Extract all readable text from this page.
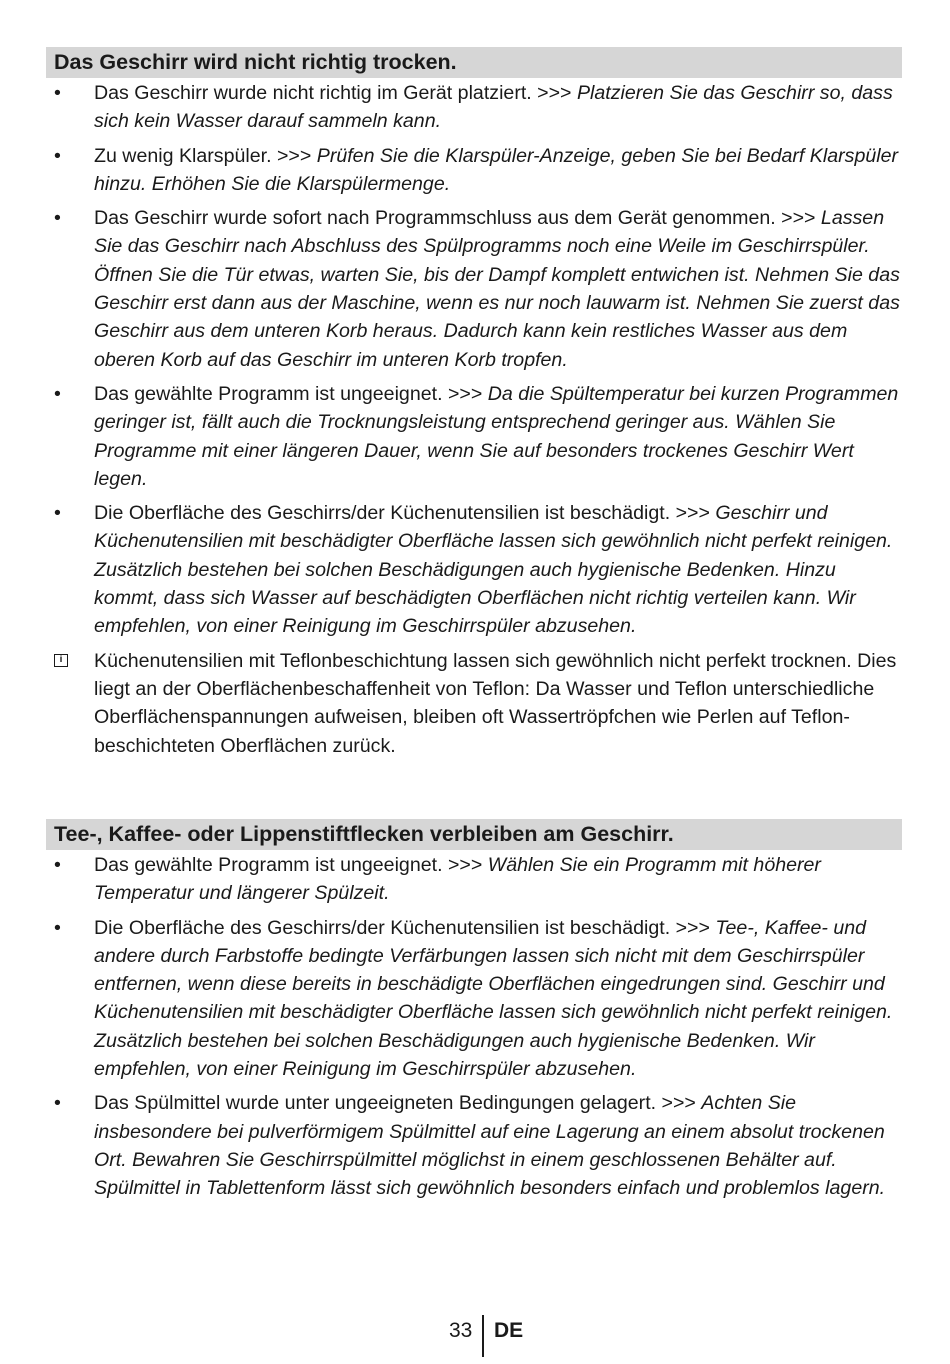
Das Geschirr wird nicht richtig trocken.
•	Das Geschirr wurde nicht richtig im Gerät platziert. >>> Platzieren Sie das Geschirr so, dass sich kein Wasser darauf sammeln kann.
•	Zu wenig Klarspüler. >>> Prüfen Sie die Klarspüler-Anzeige, geben Sie bei Bedarf Klarspüler hinzu. Erhöhen Sie die Klarspülermenge.
•	Das Geschirr wurde sofort nach Programmschluss aus dem Gerät genommen. >>> Lassen Sie das Geschirr nach Abschluss des Spülprogramms noch eine Weile im Geschirrspüler. Öffnen Sie die Tür etwas, warten Sie, bis der Dampf komplett entwichen ist. Nehmen Sie das Geschirr erst dann aus der Maschine, wenn es nur noch lauwarm ist. Nehmen Sie zuerst das Geschirr aus dem unteren Korb heraus. Dadurch kann kein restliches Wasser aus dem oberen Korb auf das Geschirr im unteren Korb tropfen.
•	Das gewählte Programm ist ungeeignet. >>> Da die Spültemperatur bei kurzen Programmen geringer ist, fällt auch die Trocknungsleistung entsprechend geringer aus. Wählen Sie Programme mit einer längeren Dauer, wenn Sie auf besonders trockenes Geschirr Wert legen.
•	Die Oberfläche des Geschirrs/der Küchenutensilien ist beschädigt. >>> Geschirr und Küchenutensilien mit beschädigter Oberfläche lassen sich gewöhnlich nicht perfekt reinigen. Zusätzlich bestehen bei solchen Beschädigungen auch hygienische Bedenken. Hinzu kommt, dass sich Wasser auf beschädigten Oberflächen nicht richtig verteilen kann. Wir empfehlen, von einer Reinigung im Geschirrspüler abzusehen.
i Küchenutensilien mit Teflonbeschichtung lassen sich gewöhnlich nicht perfekt trocknen. Dies liegt an der Oberflächenbeschaffenheit von Teflon: Da Wasser und Teflon unterschiedliche Oberflächenspannungen aufweisen, bleiben oft Wassertröpfchen wie Perlen auf Teflon-beschichteten Oberflächen zurück.
Tee-, Kaffee- oder Lippenstiftflecken verbleiben am Geschirr.
•	Das gewählte Programm ist ungeeignet. >>> Wählen Sie ein Programm mit höherer Temperatur und längerer Spülzeit.
•	Die Oberfläche des Geschirrs/der Küchenutensilien ist beschädigt. >>> Tee-, Kaffee- und andere durch Farbstoffe bedingte Verfärbungen lassen sich nicht mit dem Geschirrspüler entfernen, wenn diese bereits in beschädigte Oberflächen eingedrungen sind. Geschirr und Küchenutensilien mit beschädigter Oberfläche lassen sich gewöhnlich nicht perfekt reinigen. Zusätzlich bestehen bei solchen Beschädigungen auch hygienische Bedenken. Wir empfehlen, von einer Reinigung im Geschirrspüler abzusehen.
•	Das Spülmittel wurde unter ungeeigneten Bedingungen gelagert. >>> Achten Sie insbesondere bei pulverförmigem Spülmittel auf eine Lagerung an einem absolut trockenen Ort. Bewahren Sie Geschirrspülmittel möglichst in einem geschlossenen Behälter auf. Spülmittel in Tablettenform lässt sich gewöhnlich besonders einfach und problemlos lagern.
33 DE
